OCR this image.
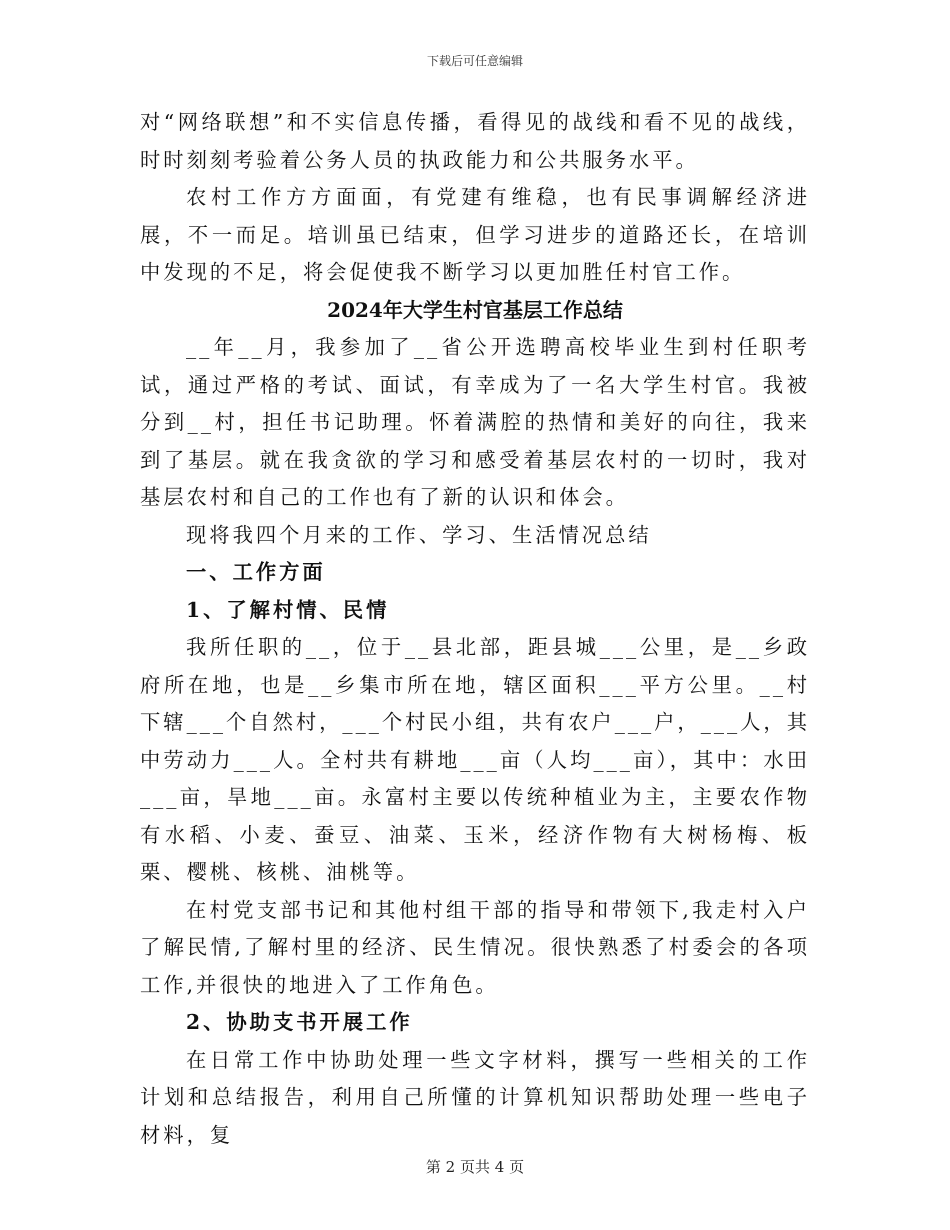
下载后可任意编辑

对“网络联想”和不实信息传播，看得见的战线和看不见的战线，时时刻刻考验着公务人员的执政能力和公共服务水平。

农村工作方方面面，有党建有维稳，也有民事调解经济进展，不一而足。培训虽已结束，但学习进步的道路还长，在培训中发现的不足，将会促使我不断学习以更加胜任村官工作。

2024年大学生村官基层工作总结

__年__月，我参加了__省公开选聘高校毕业生到村任职考试，通过严格的考试、面试，有幸成为了一名大学生村官。我被分到__村，担任书记助理。怀着满腔的热情和美好的向往，我来到了基层。就在我贪欲的学习和感受着基层农村的一切时，我对基层农村和自己的工作也有了新的认识和体会。

现将我四个月来的工作、学习、生活情况总结

一、工作方面

1、了解村情、民情

我所任职的__，位于__县北部，距县城___公里，是__乡政府所在地，也是__乡集市所在地，辖区面积___平方公里。__村下辖___个自然村，___个村民小组，共有农户___户，___人，其中劳动力___人。全村共有耕地___亩（人均___亩），其中：水田___亩，旱地___亩。永富村主要以传统种植业为主，主要农作物有水稻、小麦、蚕豆、油菜、玉米，经济作物有大树杨梅、板栗、樱桃、核桃、油桃等。

在村党支部书记和其他村组干部的指导和带领下,我走村入户了解民情,了解村里的经济、民生情况。很快熟悉了村委会的各项工作,并很快的地进入了工作角色。

2、协助支书开展工作

在日常工作中协助处理一些文字材料，撰写一些相关的工作计划和总结报告，利用自己所懂的计算机知识帮助处理一些电子材料，复

第 2 页共 4 页
